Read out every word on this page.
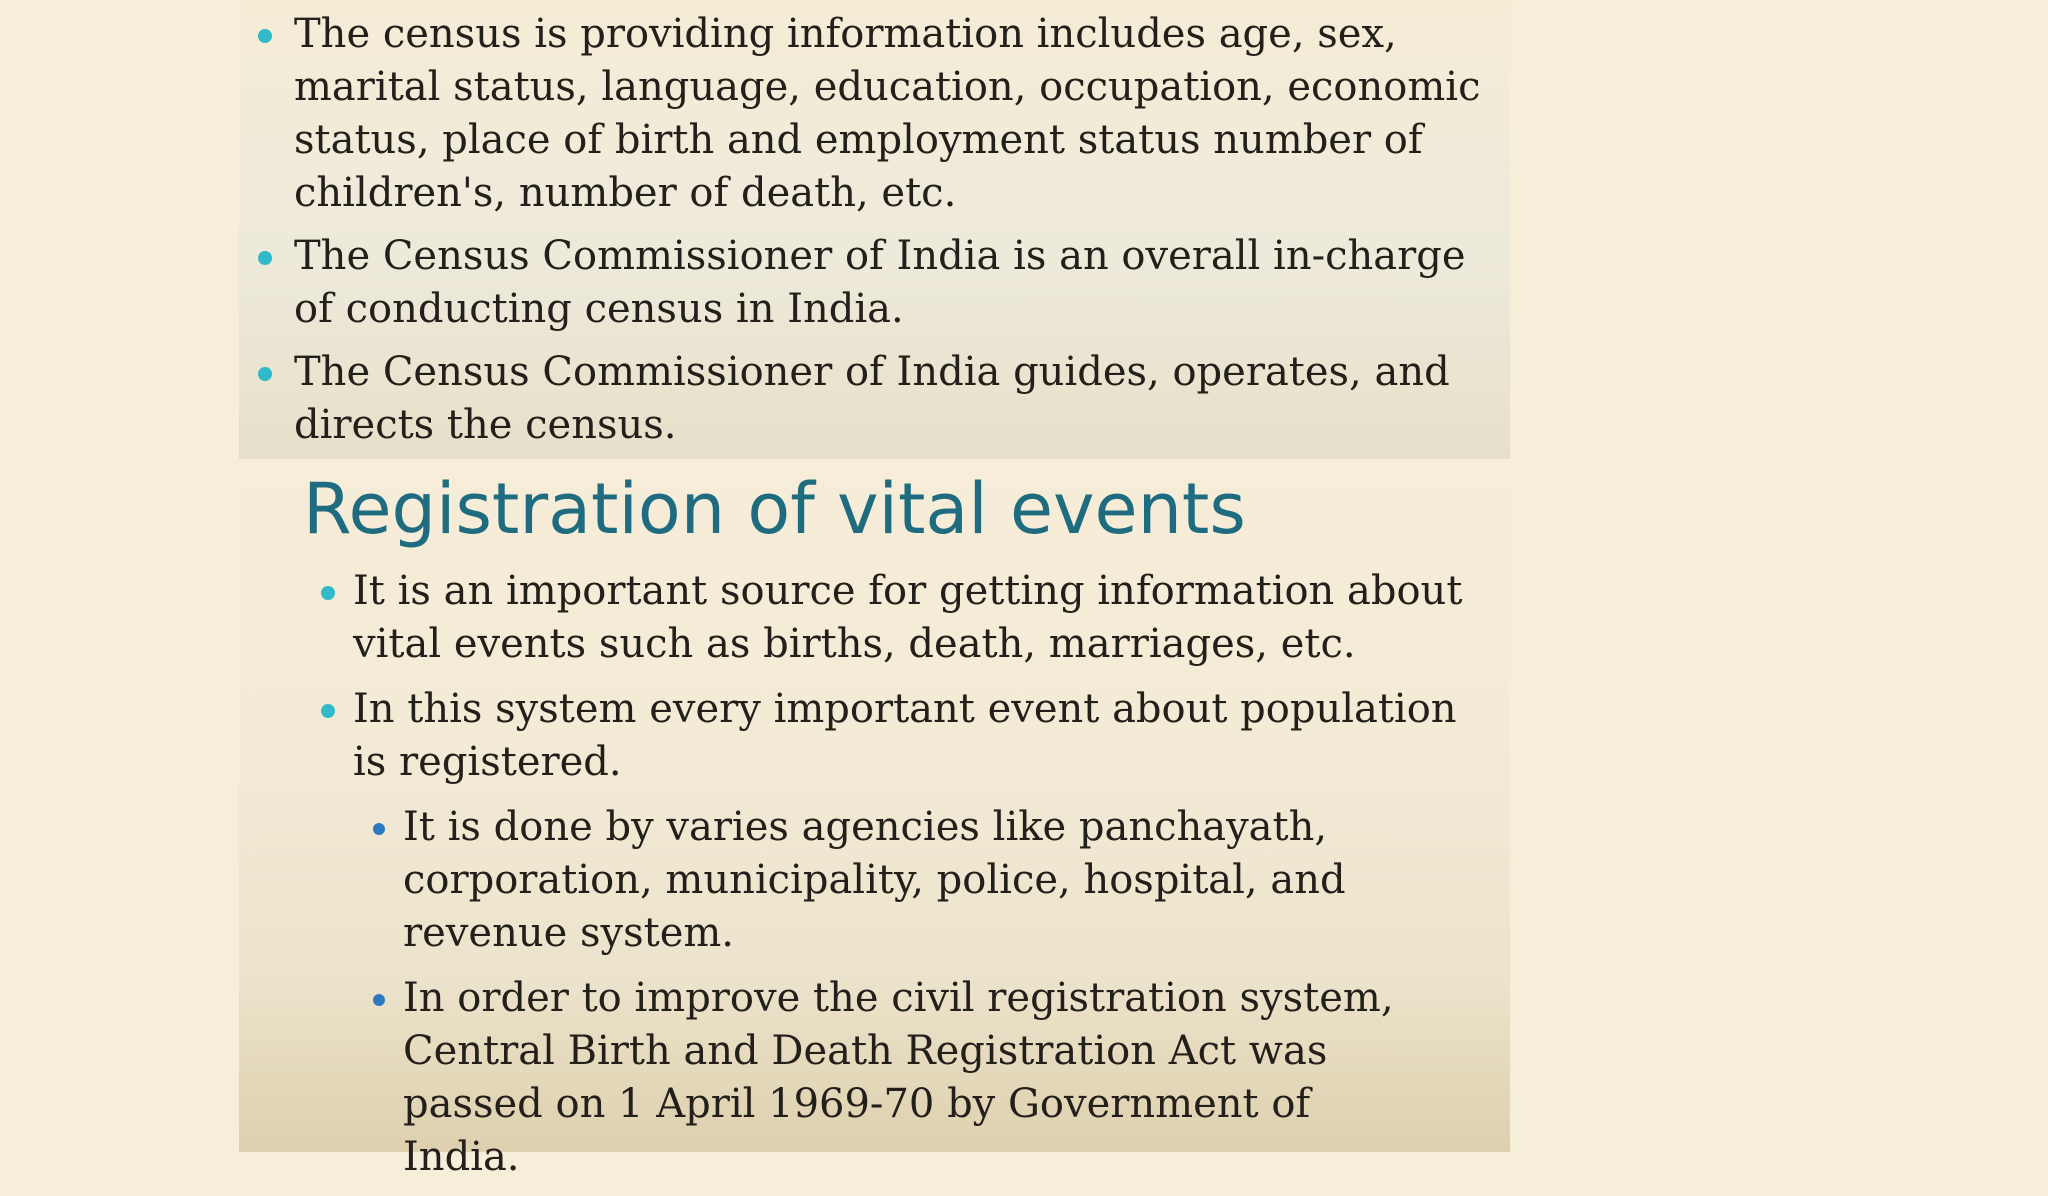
The census is providing information includes age, sex, marital status, language, education, occupation, economic status, place of birth and employment status number of children's, number of death, etc.
The Census Commissioner of India is an overall in-charge of conducting census in India.
The Census Commissioner of India guides, operates, and directs the census.
Registration of vital events
It is an important source for getting information about vital events such as births, death, marriages, etc.
In this system every important event about population is registered.
It is done by varies agencies like panchayath, corporation, municipality, police, hospital, and revenue system.
In order to improve the civil registration system, Central Birth and Death Registration Act was passed on 1 April 1969-70 by Government of India.
